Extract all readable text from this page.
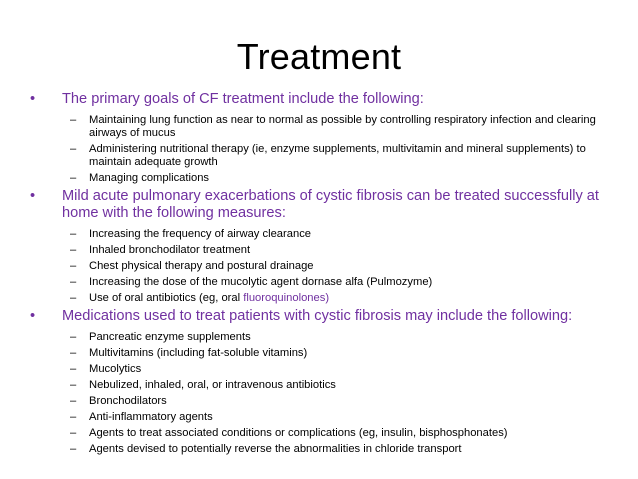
Treatment
• The primary goals of CF treatment include the following:
– Maintaining lung function as near to normal as possible by controlling respiratory infection and clearing airways of mucus
– Administering nutritional therapy (ie, enzyme supplements, multivitamin and mineral supplements) to maintain adequate growth
– Managing complications
• Mild acute pulmonary exacerbations of cystic fibrosis can be treated successfully at home with the following measures:
– Increasing the frequency of airway clearance
– Inhaled bronchodilator treatment
– Chest physical therapy and postural drainage
– Increasing the dose of the mucolytic agent dornase alfa (Pulmozyme)
– Use of oral antibiotics (eg, oral fluoroquinolones)
• Medications used to treat patients with cystic fibrosis may include the following:
– Pancreatic enzyme supplements
– Multivitamins (including fat-soluble vitamins)
– Mucolytics
– Nebulized, inhaled, oral, or intravenous antibiotics
– Bronchodilators
– Anti-inflammatory agents
– Agents to treat associated conditions or complications (eg, insulin, bisphosphonates)
– Agents devised to potentially reverse the abnormalities in chloride transport
